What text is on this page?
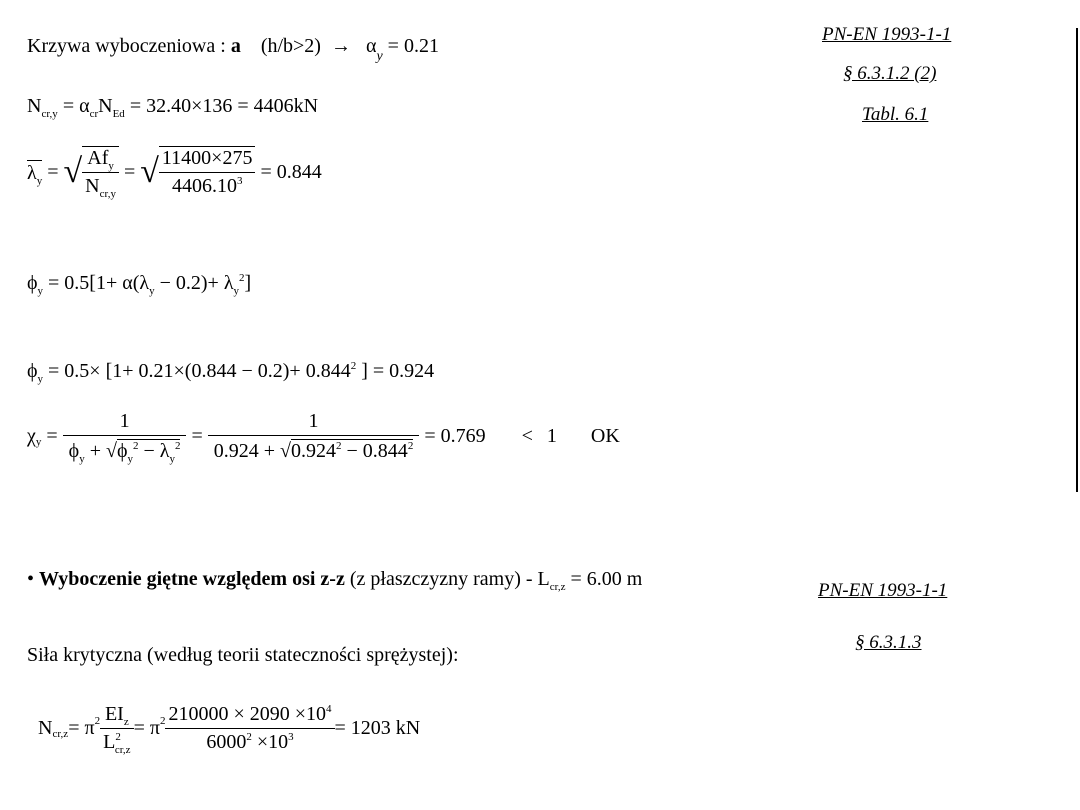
PN-EN 1993-1-1
§ 6.3.1.2 (2)
Tabl. 6.1
PN-EN 1993-1-1
§ 6.3.1.3
Krzywa wyboczeniowa : a $(h/b>2) \to \alpha_y = 0.21$
$N_{cr,y} = \alpha_{cr}N_{Ed} = 32.40\times 136 = 4406kN$
$\lambda_y$ = √ $\frac{Af_y}{N_{cr,y}}$ = √ $\frac{11400\times 275}{4406.10^3}$
= 0.844
$\phi_y = 0.5[1+ \alpha(\lambda_y - 0.2)+ \lambda_y^2]$
$\phi_y = 0.5\times [1+ 0.21\times(0.844 - 0.2)+ 0.844^2$ ] = 0.924
χ $y = \frac{1}{\phi_y + √\phi_y^2 - \lambda_y^2} = \frac{1}{0.924 + √0.924^2 - 0.844^2}$
= 0.769 < 1 OK
• Wyboczenie giętne względem osi z-z (z płaszczyzny ramy) - $L_{cr,z} = 6.00$ m
Siła krytyczna (według teorii stateczności sprężystej):
N cr,z = π $2 \frac{EI_z}{L^2_{cr,z}} = \pi$ $2 \frac{210000 \times 2090 \times 10^4}{6000^2 \times 10^3} = 1203$ kN
